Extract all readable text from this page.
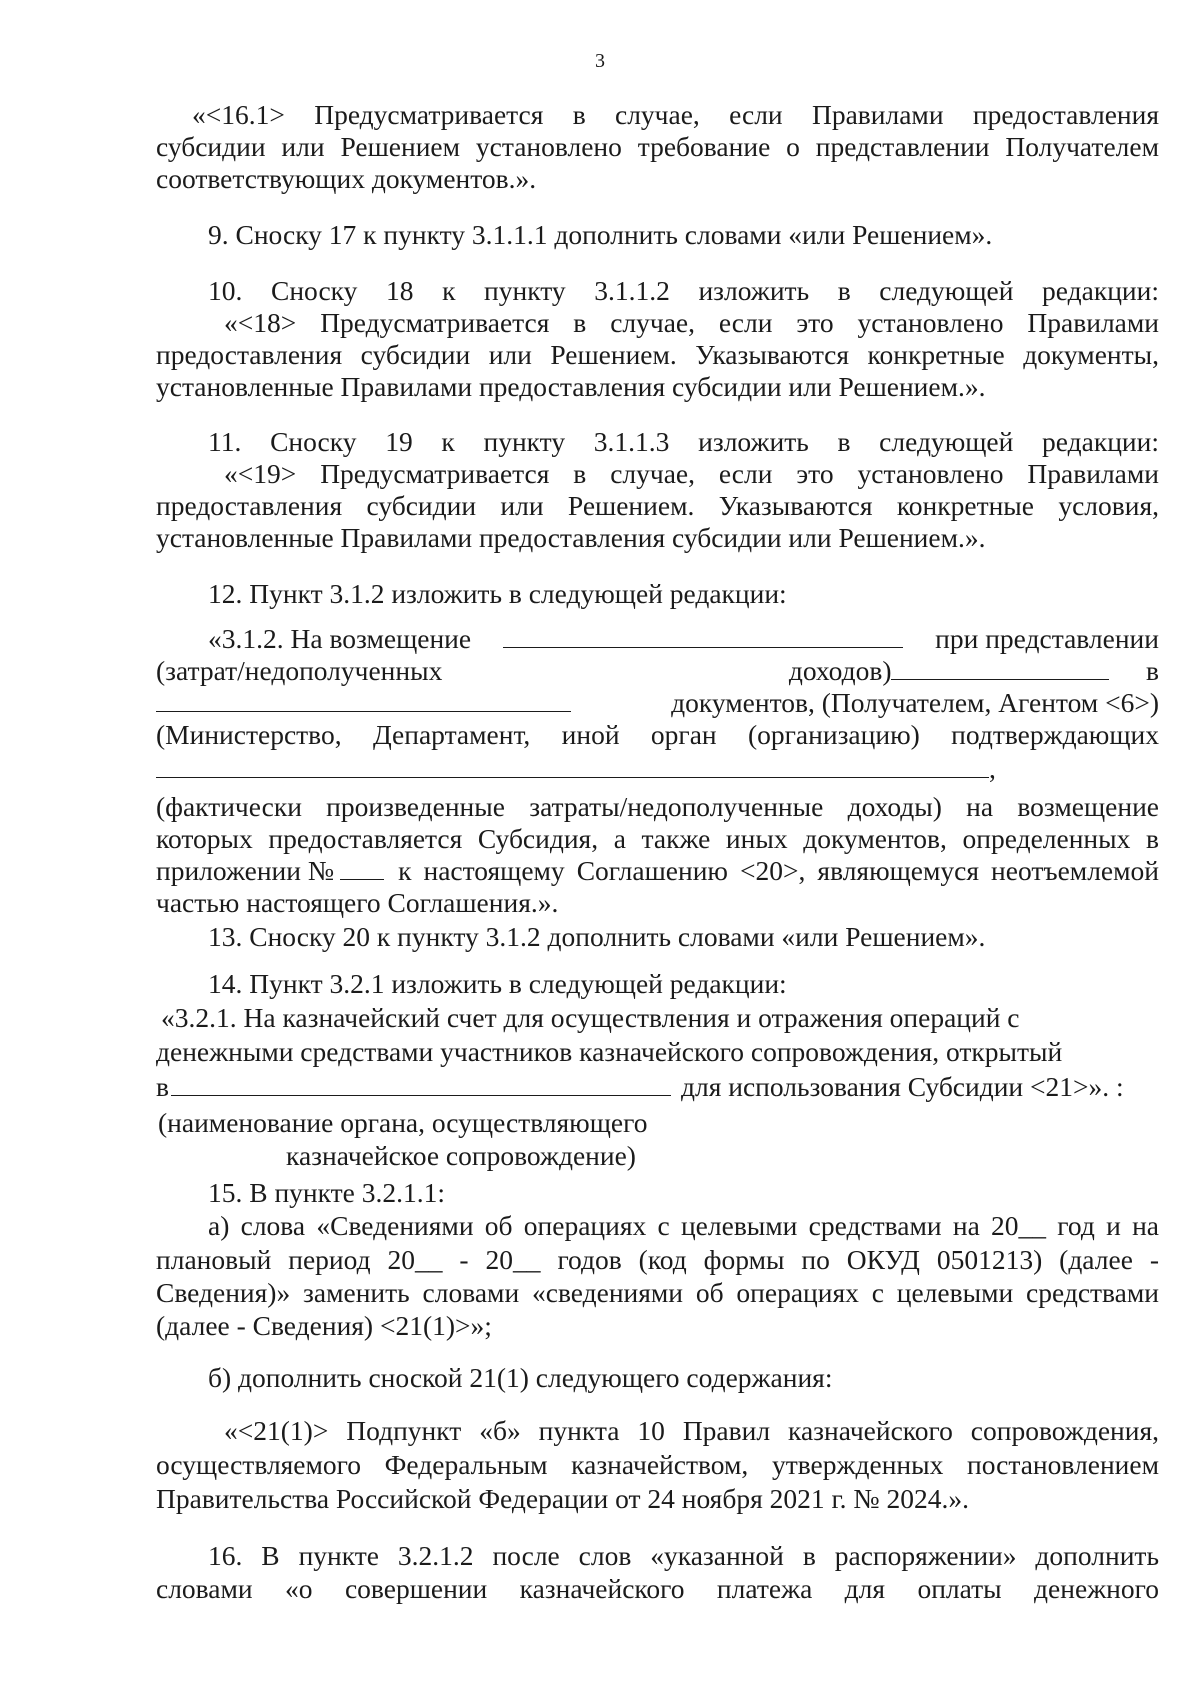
3
«<16.1> Предусматривается в случае, если Правилами предоставления
субсидии или Решением установлено требование о представлении Получателем
соответствующих документов.».
9. Сноску 17 к пункту 3.1.1.1 дополнить словами «или Решением».
10. Сноску 18 к пункту 3.1.1.2 изложить в следующей редакции:
«<18> Предусматривается в случае, если это установлено Правилами
предоставления субсидии или Решением. Указываются конкретные документы,
установленные Правилами предоставления субсидии или Решением.».
11. Сноску 19 к пункту 3.1.1.3 изложить в следующей редакции:
«<19> Предусматривается в случае, если это установлено Правилами
предоставления субсидии или Решением. Указываются конкретные условия,
установленные Правилами предоставления субсидии или Решением.».
12. Пункт 3.1.2 изложить в следующей редакции:
«3.1.2. На возмещение	при представлении
(затрат/недополученных	доходов)	в
документов, (Получателем, Агентом <6>)
(Министерство, Департамент, иной орган (организацию) подтверждающих
,
(фактически произведенные затраты/недополученные доходы) на возмещение
которых предоставляется Субсидия, а также иных документов, определенных в
приложении № к настоящему Соглашению <20>, являющемуся неотъемлемой
частью настоящего Соглашения.».
13. Сноску 20 к пункту 3.1.2 дополнить словами «или Решением».
14. Пункт 3.2.1 изложить в следующей редакции:
«3.2.1. На казначейский счет для осуществления и отражения операций с
денежными средствами участников казначейского сопровождения, открытый
в	для использования Субсидии <21>». :
(наименование органа, осуществляющего
казначейское сопровождение)
15. В пункте 3.2.1.1:
а) слова «Сведениями об операциях с целевыми средствами на 20__ год и на
плановый период 20__ - 20__ годов (код формы по ОКУД 0501213) (далее -
Сведения)» заменить словами «сведениями об операциях с целевыми средствами
(далее - Сведения) <21(1)>»;
б) дополнить сноской 21(1) следующего содержания:
«<21(1)> Подпункт «б» пункта 10 Правил казначейского сопровождения,
осуществляемого Федеральным казначейством, утвержденных постановлением
Правительства Российской Федерации от 24 ноября 2021 г. № 2024.».
16. В пункте 3.2.1.2 после слов «указанной в распоряжении» дополнить
словами «о совершении казначейского платежа для оплаты денежного
